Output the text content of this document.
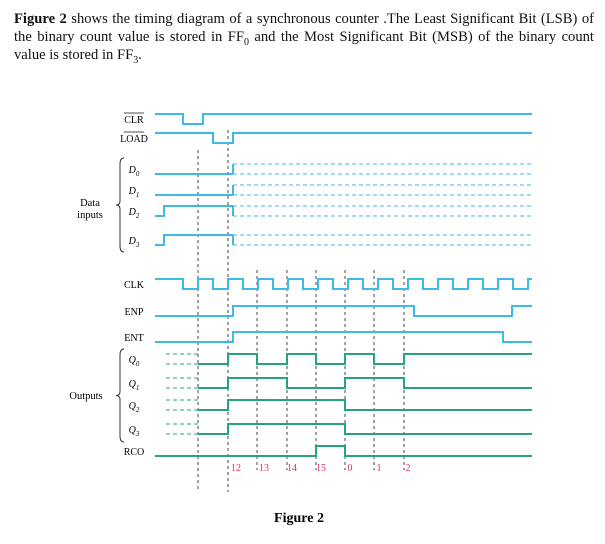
Figure 2 shows the timing diagram of a synchronous counter .The Least Significant Bit (LSB) of the binary count value is stored in $FF_0$ and the Most Significant Bit (MSB) of the binary count value is stored in $FF_3$.

CLR
LOAD
$D_0$
$D_1$
$D_2$
$D_3$
CLK
ENP
ENT
$Q_0$
$Q_1$
$Q_2$
$Q_3$
RCO
Data
inputs
Outputs
12 13 14 15 0 1 2
Figure 2
